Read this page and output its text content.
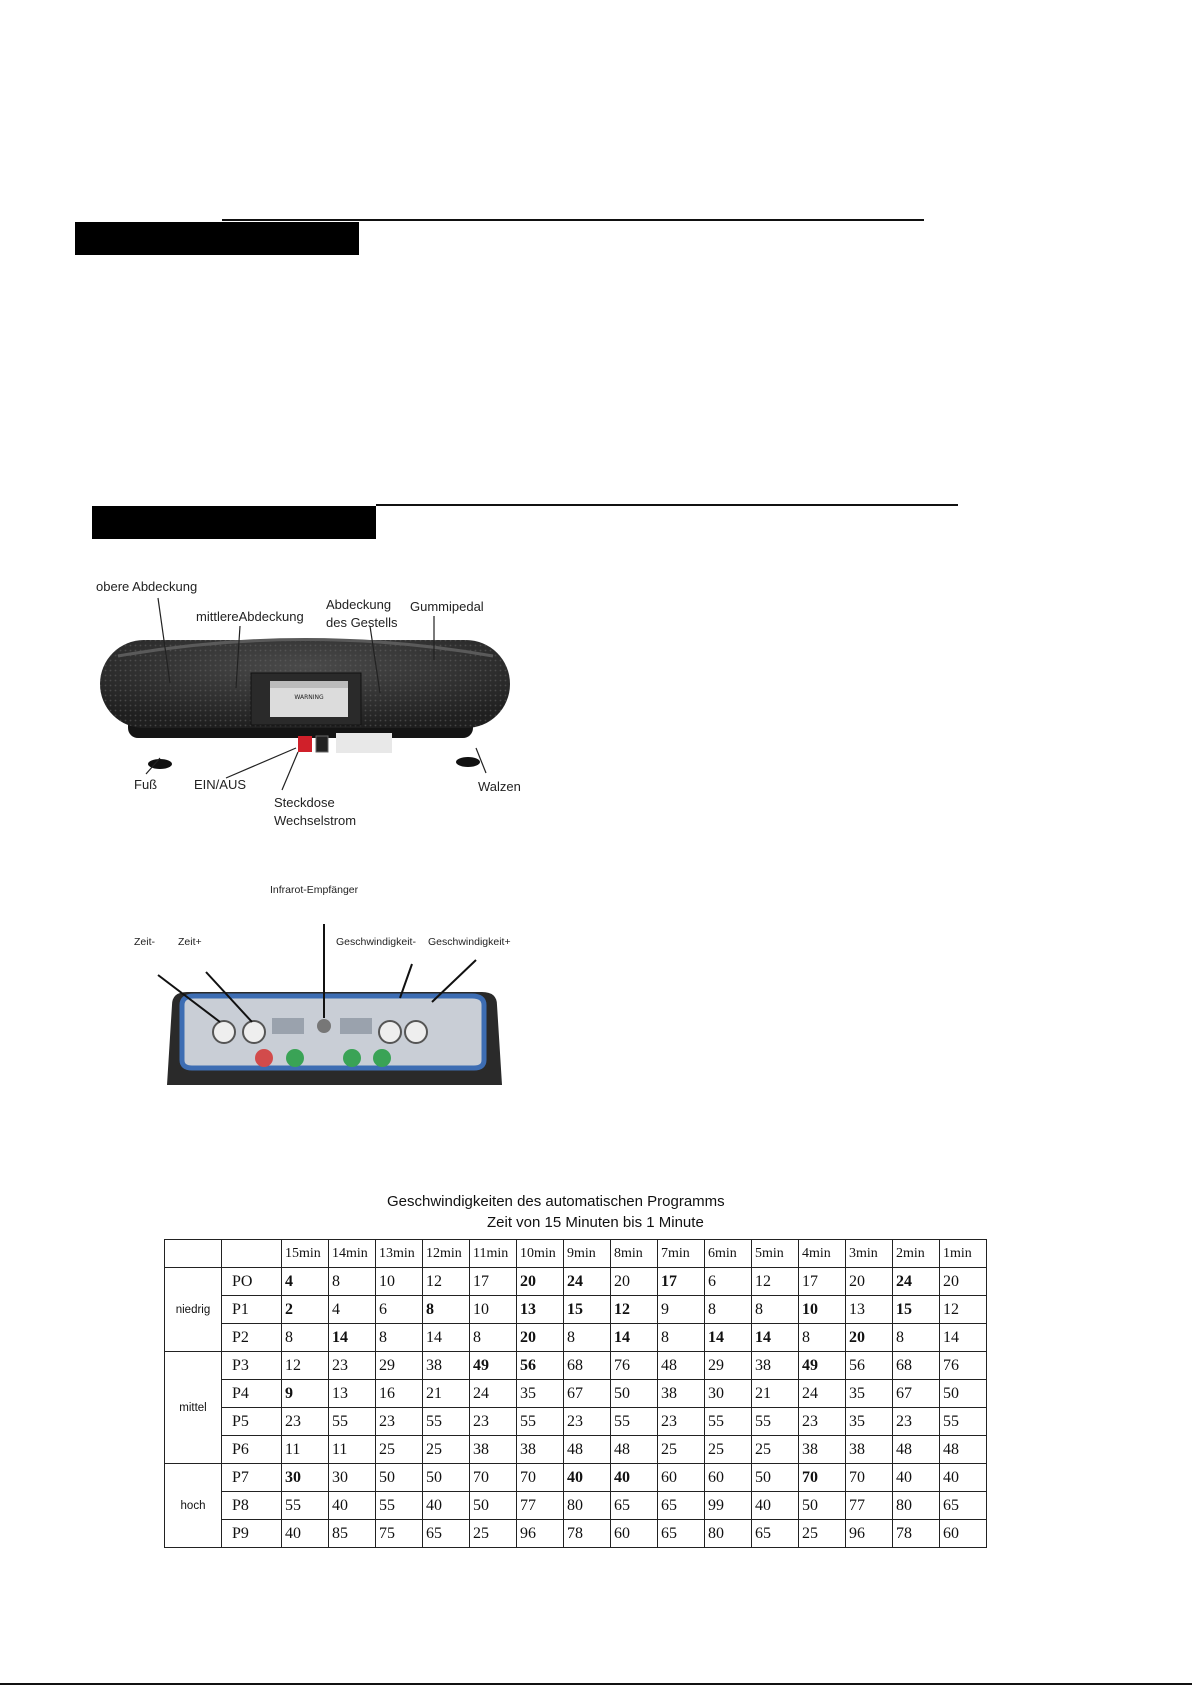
WARNING
obere Abdeckung
mittlereAbdeckung
Abdeckung
des Gestells
Gummipedal
Fuß	EIN/AUS
Steckdose
Wechselstrom
Walzen
Infrarot-Empfänger
Zeit- Zeit+	Geschwindigkeit- Geschwindigkeit+
Geschwindigkeiten des automatischen Programms
Zeit von 15 Minuten bis 1 Minute
		15min	14min	13min	12min	11min	10min	9min	8min	7min	6min	5min	4min	3min	2min	1min
niedrig	PO	4	8	10	12	17	20	24	20	17	6	12	17	20	24	20
	P1	2	4	6	8	10	13	15	12	9	8	8	10	13	15	12
	P2	8	14	8	14	8	20	8	14	8	14	14	8	20	8	14
mittel	P3	12	23	29	38	49	56	68	76	48	29	38	49	56	68	76
	P4	9	13	16	21	24	35	67	50	38	30	21	24	35	67	50
	P5	23	55	23	55	23	55	23	55	23	55	55	23	35	23	55
	P6	11	11	25	25	38	38	48	48	25	25	25	38	38	48	48
hoch	P7	30	30	50	50	70	70	40	40	60	60	50	70	70	40	40
	P8	55	40	55	40	50	77	80	65	65	99	40	50	77	80	65
	P9	40	85	75	65	25	96	78	60	65	80	65	25	96	78	60
